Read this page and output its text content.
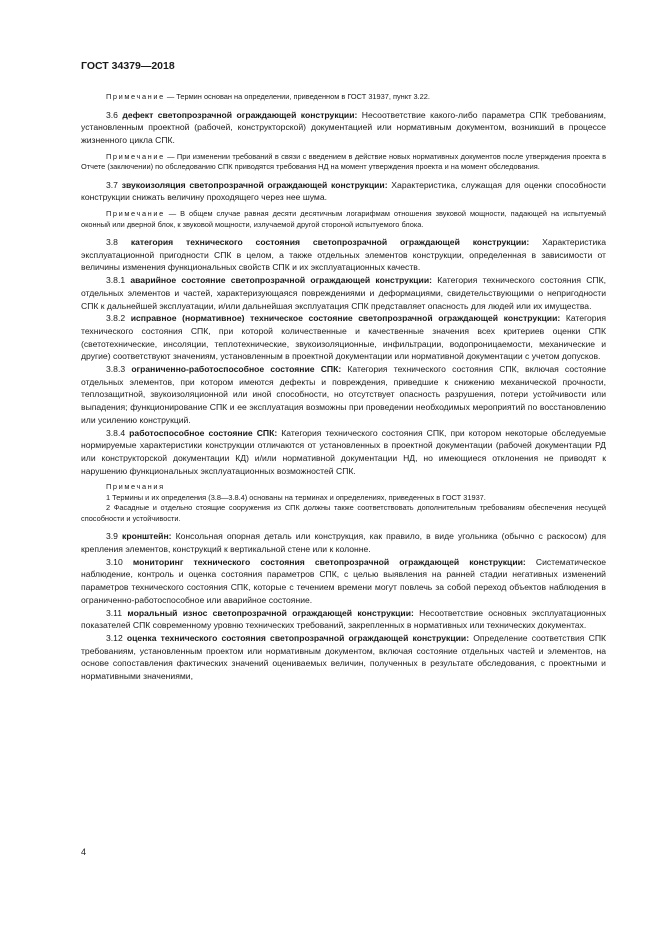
ГОСТ 34379—2018

Примечание — Термин основан на определении, приведенном в ГОСТ 31937, пункт 3.22.

3.6 дефект светопрозрачной ограждающей конструкции: Несоответствие какого-либо параметра СПК требованиям, установленным проектной (рабочей, конструкторской) документацией или нормативным документом, возникший в процессе жизненного цикла СПК.

Примечание — При изменении требований в связи с введением в действие новых нормативных документов после утверждения проекта в Отчете (заключении) по обследованию СПК приводятся требования НД на момент утверждения проекта и на момент обследования.

3.7 звукоизоляция светопрозрачной ограждающей конструкции: Характеристика, служащая для оценки способности конструкции снижать величину проходящего через нее шума.

Примечание — В общем случае равная десяти десятичным логарифмам отношения звуковой мощности, падающей на испытуемый оконный или дверной блок, к звуковой мощности, излучаемой другой стороной испытуемого блока.

3.8 категория технического состояния светопрозрачной ограждающей конструкции: Характеристика эксплуатационной пригодности СПК в целом, а также отдельных элементов конструкции, определенная в зависимости от величины изменения функциональных свойств СПК и их эксплуатационных качеств.

3.8.1 аварийное состояние светопрозрачной ограждающей конструкции: Категория технического состояния СПК, отдельных элементов и частей, характеризующаяся повреждениями и деформациями, свидетельствующими о непригодности СПК к дальнейшей эксплуатации, и/или дальнейшая эксплуатация СПК представляет опасность для людей или их имущества.

3.8.2 исправное (нормативное) техническое состояние светопрозрачной ограждающей конструкции: Категория технического состояния СПК, при которой количественные и качественные значения всех критериев оценки СПК (светотехнические, инсоляции, теплотехнические, звукоизоляционные, инфильтрации, водопроницаемости, механические и другие) соответствуют значениям, установленным в проектной документации или нормативной документации с учетом допусков.

3.8.3 ограниченно-работоспособное состояние СПК: Категория технического состояния СПК, включая состояние отдельных элементов, при котором имеются дефекты и повреждения, приведшие к снижению механической прочности, теплозащитной, звукоизоляционной или иной способности, но отсутствует опасность разрушения, потери устойчивости или выпадения; функционирование СПК и ее эксплуатация возможны при проведении необходимых мероприятий по восстановлению или усилению конструкций.

3.8.4 работоспособное состояние СПК: Категория технического состояния СПК, при котором некоторые обследуемые нормируемые характеристики конструкции отличаются от установленных в проектной документации (рабочей документации РД или конструкторской документации КД) и/или нормативной документации НД, но имеющиеся отклонения не приводят к нарушению функциональных эксплуатационных возможностей СПК.

Примечания

1 Термины и их определения (3.8—3.8.4) основаны на терминах и определениях, приведенных в ГОСТ 31937.

2 Фасадные и отдельно стоящие сооружения из СПК должны также соответствовать дополнительным требованиям обеспечения несущей способности и устойчивости.

3.9 кронштейн: Консольная опорная деталь или конструкция, как правило, в виде угольника (обычно с раскосом) для крепления элементов, конструкций к вертикальной стене или к колонне.

3.10 мониторинг технического состояния светопрозрачной ограждающей конструкции: Систематическое наблюдение, контроль и оценка состояния параметров СПК, с целью выявления на ранней стадии негативных изменений параметров технического состояния СПК, которые с течением времени могут повлечь за собой переход объектов наблюдения в ограниченно-работоспособное или аварийное состояние.

3.11 моральный износ светопрозрачной ограждающей конструкции: Несоответствие основных эксплуатационных показателей СПК современному уровню технических требований, закрепленных в нормативных или технических документах.

3.12 оценка технического состояния светопрозрачной ограждающей конструкции: Определение соответствия СПК требованиям, установленным проектом или нормативным документом, включая состояние отдельных частей и элементов, на основе сопоставления фактических значений оцениваемых величин, полученных в результате обследования, с проектными и нормативными значениями,

4
